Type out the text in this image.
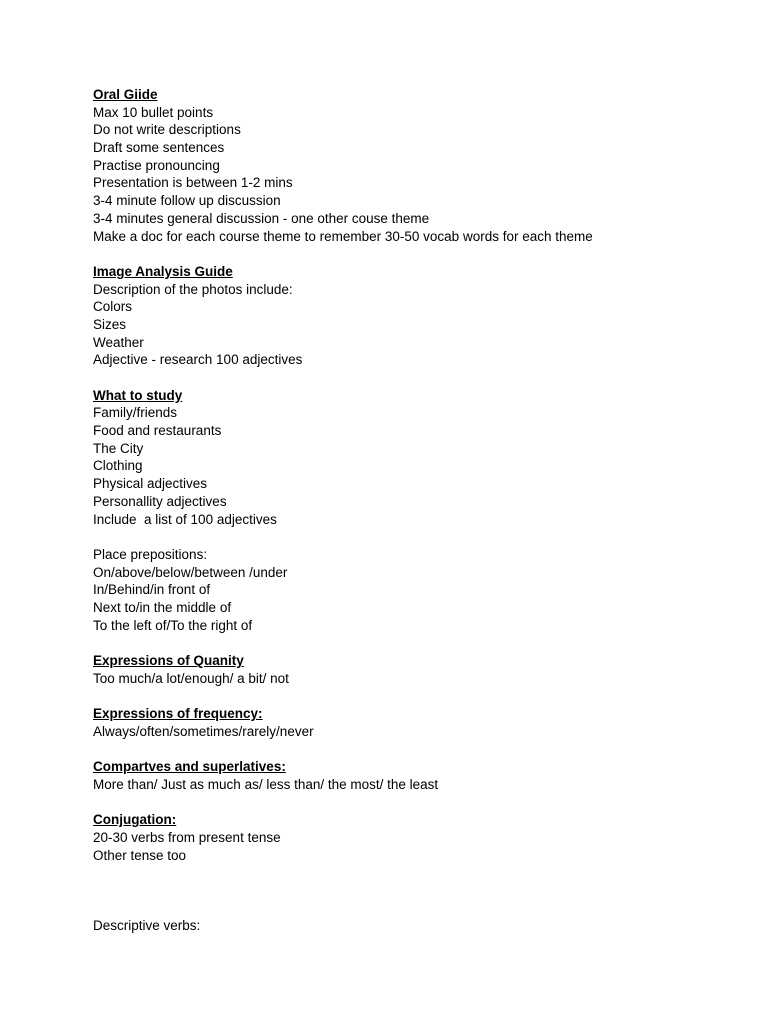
Oral Giide
Max 10 bullet points
Do not write descriptions
Draft some sentences
Practise pronouncing
Presentation is between 1-2 mins
3-4 minute follow up discussion
3-4 minutes general discussion - one other couse theme
Make a doc for each course theme to remember 30-50 vocab words for each theme
Image Analysis Guide
Description of the photos include:
Colors
Sizes
Weather
Adjective - research 100 adjectives
What to study
Family/friends
Food and restaurants
The City
Clothing
Physical adjectives
Personallity adjectives
Include  a list of 100 adjectives
Place prepositions:
On/above/below/between /under
In/Behind/in front of
Next to/in the middle of
To the left of/To the right of
Expressions of Quanity
Too much/a lot/enough/ a bit/ not
Expressions of frequency:
Always/often/sometimes/rarely/never
Compartves and superlatives:
More than/ Just as much as/ less than/ the most/ the least
Conjugation:
20-30 verbs from present tense
Other tense too
Descriptive verbs:
